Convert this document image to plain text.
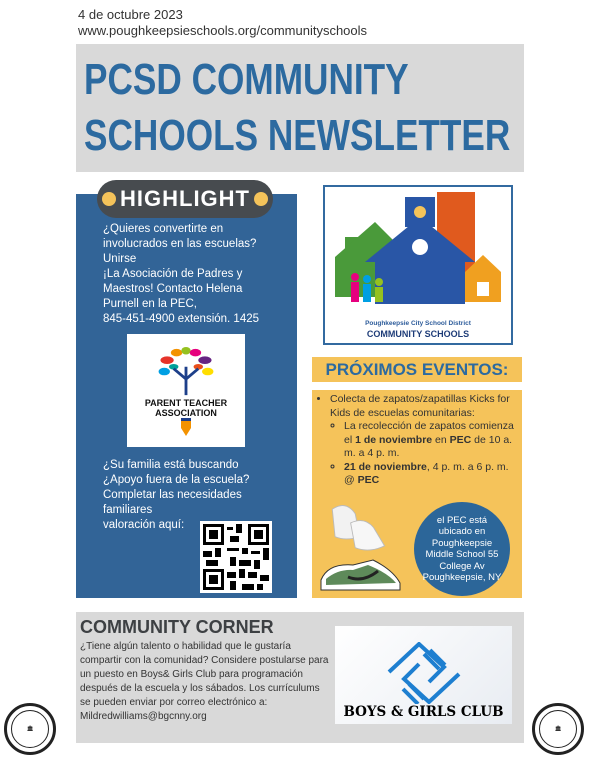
4 de octubre 2023
www.poughkeepsieschools.org/communityschools
PCSD COMMUNITY
SCHOOLS NEWSLETTER
HIGHLIGHT
¿Quieres convertirte en
involucrados en las escuelas?
Unirse
¡La Asociación de Padres y
Maestros! Contacto Helena
Purnell en la PEC,
845-451-4900 extensión. 1425
PARENT TEACHER
ASSOCIATION
¿Su familia está buscando
¿Apoyo fuera de la escuela?
Completar las necesidades
familiares
valoración aquí:
Poughkeepsie City School District
COMMUNITY SCHOOLS
PRÓXIMOS EVENTOS:
• Colecta de zapatos/zapatillas Kicks for Kids de escuelas comunitarias:
◦ La recolección de zapatos comienza el 1 de noviembre en PEC de 10 a. m. a 4 p. m.
◦ 21 de noviembre, 4 p. m. a 6 p. m. @ PEC
el PEC está ubicado en Poughkeepsie Middle School 55 College Av Poughkeepsie, NY
COMMUNITY CORNER
¿Tiene algún talento o habilidad que le gustaría compartir con la comunidad? Considere postularse para un puesto en Boys& Girls Club para programación después de la escuela y los sábados. Los currículums se pueden enviar por correo electrónico a:
Mildredwilliams@bgcnny.org	BOYS & GIRLS CLUB
🏛	🏛
